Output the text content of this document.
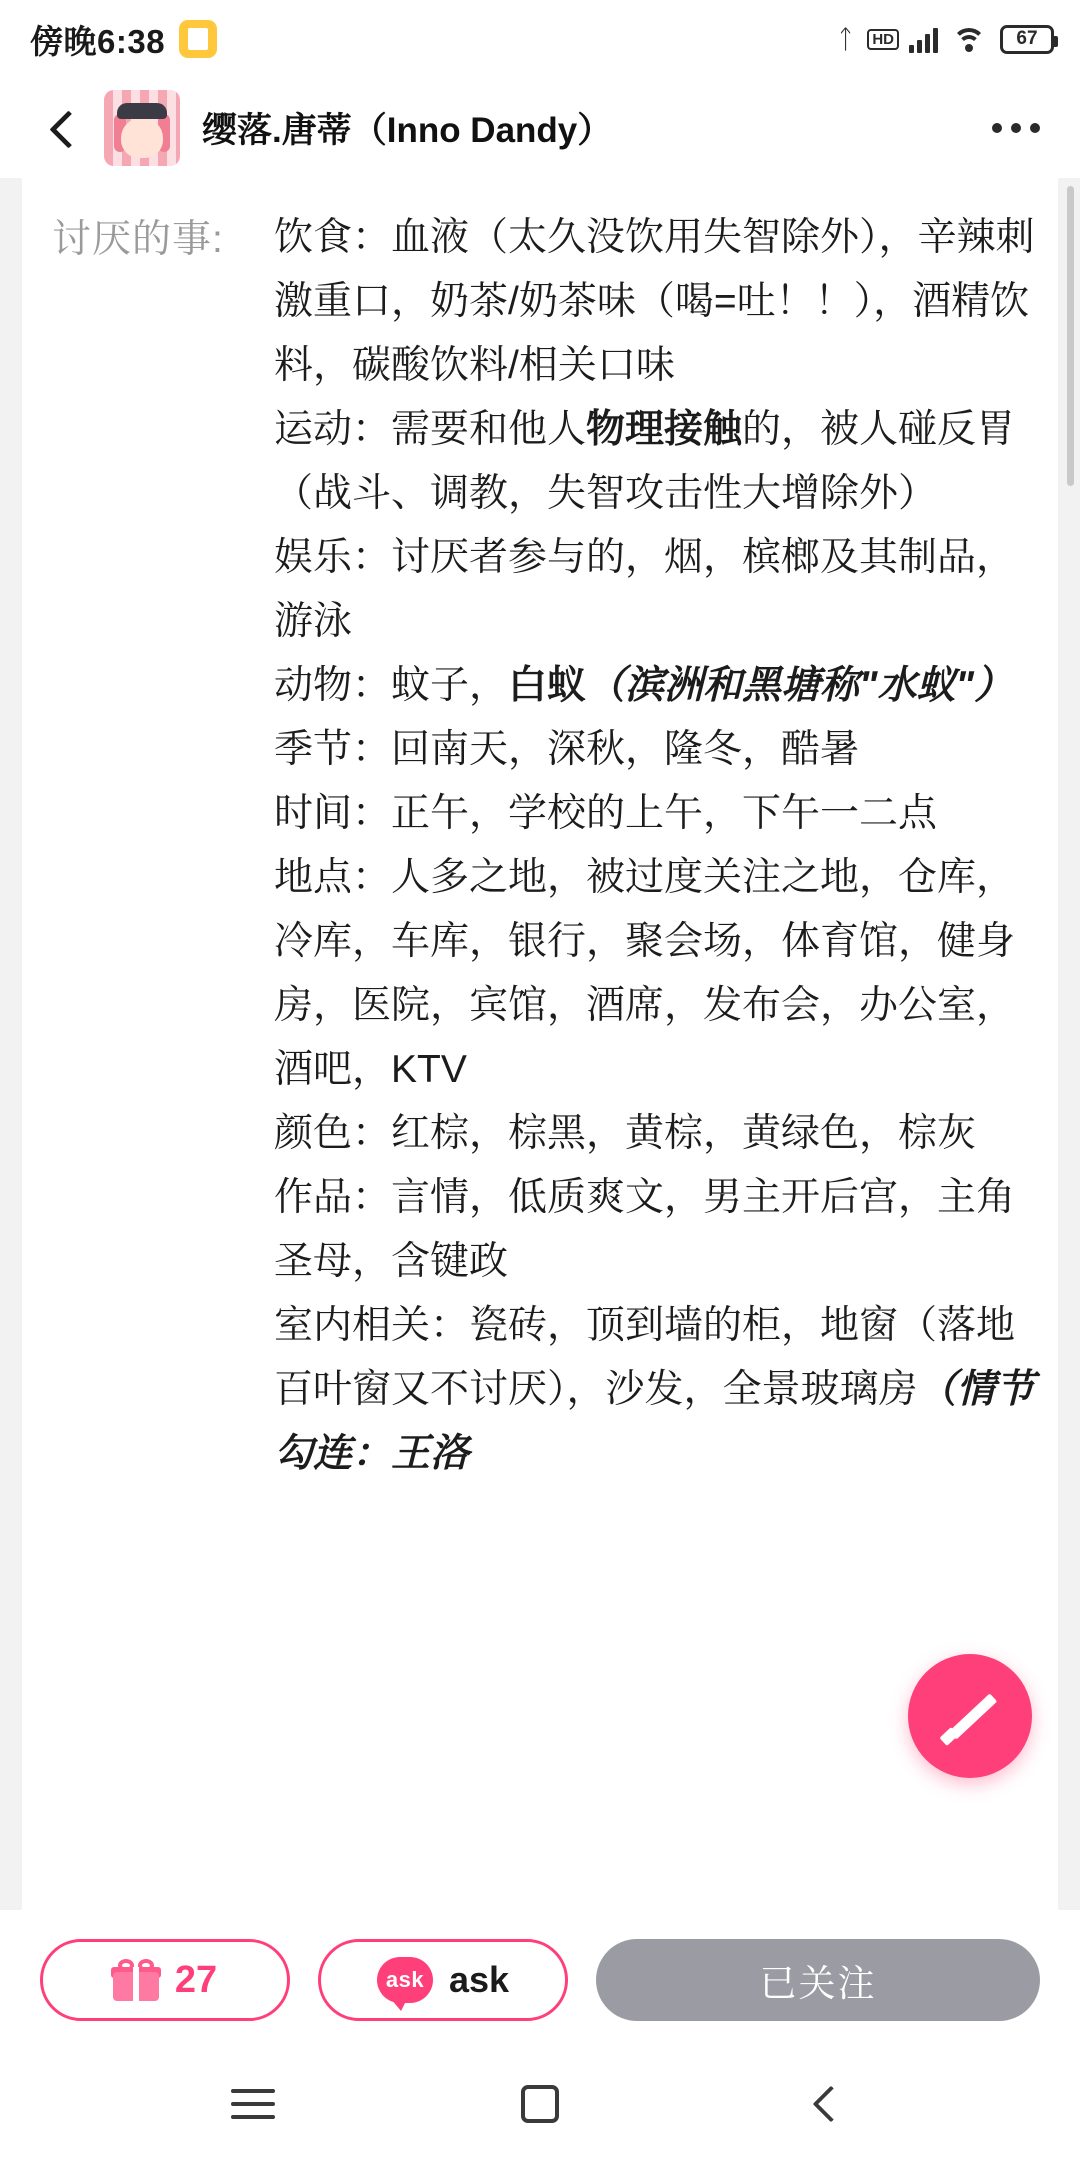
傍晚6:38	ᛏ	HD	67
缨落.唐蒂（Inno Dandy）
讨厌的事:	饮食：血液（太久没饮用失智除外），辛辣刺激重口，奶茶/奶茶味（喝=吐！！），酒精饮料，碳酸饮料/相关口味

运动：需要和他人物理接触的，被人碰反胃（战斗、调教，失智攻击性大增除外）

娱乐：讨厌者参与的，烟，槟榔及其制品，游泳

动物：蚊子，白蚁（滨洲和黑塘称"水蚁"）

季节：回南天，深秋，隆冬，酷暑

时间：正午，学校的上午，下午一二点

地点：人多之地，被过度关注之地，仓库，冷库，车库，银行，聚会场，体育馆，健身房，医院，宾馆，酒席，发布会，办公室，酒吧，KTV

颜色：红棕，棕黑，黄棕，黄绿色，棕灰

作品：言情，低质爽文，男主开后宫，主角圣母，含键政

室内相关：瓷砖，顶到墙的柜，地窗（落地百叶窗又不讨厌），沙发，全景玻璃房（情节勾连：王洛

27	ask ask	已关注
